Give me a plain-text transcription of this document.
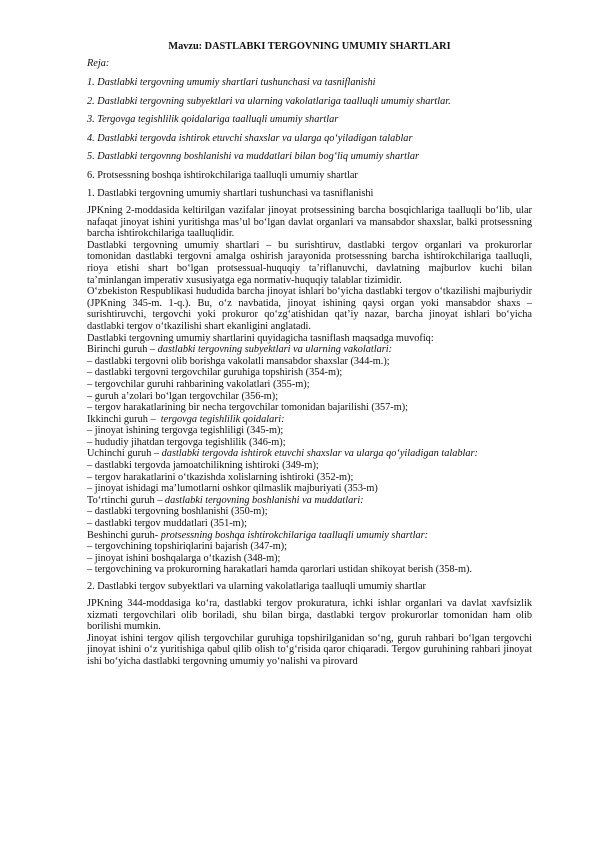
Mavzu: DASTLABKI TERGOVNING UMUMIY SHARTLARI
Reja:
1. Dastlabki tergovning umumiy shartlari tushunchasi va tasniflanishi
2. Dastlabki tergovning subyektlari va ularning vakolatlariga taalluqli umumiy shartlar.
3. Tergovga tegishlilik qoidalariga taalluqli umumiy shartlar
4. Dastlabki tergovda ishtirok etuvchi shaxslar va ularga qo‘yiladigan talablar
5. Dastlabki tergovnng boshlanishi va muddatlari bilan bog‘liq umumiy shartlar
6. Protsessning boshqa ishtirokchilariga taalluqli umumiy shartlar
1. Dastlabki tergovning umumiy shartlari tushunchasi va tasniflanishi

JPKning 2-moddasida keltirilgan vazifalar jinoyat protsessining barcha bosqichlariga taalluqli bo‘lib, ular nafaqat jinoyat ishini yuritishga mas’ul bo‘lgan davlat organlari va mansabdor shaxslar, balki protsessning barcha ishtirokchilariga taalluqlidir.

Dastlabki tergovning umumiy shartlari – bu surishtiruv, dastlabki tergov organlari va prokurorlar tomonidan dastlabki tergovni amalga oshirish jarayonida protsessning barcha ishtirokchilariga taalluqli, rioya etishi shart bo‘lgan protsessual-huquqiy ta’riflanuvchi, davlatning majburlov kuchi bilan ta’minlangan imperativ xususiyatga ega normativ-huquqiy talablar tizimidir.

O‘zbekiston Respublikasi hududida barcha jinoyat ishlari bo‘yicha dastlabki tergov o‘tkazilishi majburiydir (JPKning 345-m. 1-q.). Bu, o‘z navbatida, jinoyat ishining qaysi organ yoki mansabdor shaxs – surishtiruvchi, tergovchi yoki prokuror qo‘zg‘atishidan qat’iy nazar, barcha jinoyat ishlari bo‘yicha dastlabki tergov o‘tkazilishi shart ekanligini anglatadi.

Dastlabki tergovning umumiy shartlarini quyidagicha tasniflash maqsadga muvofiq:

Birinchi guruh – dastlabki tergovning subyektlari va ularning vakolatlari:

– dastlabki tergovni olib borishga vakolatli mansabdor shaxslar (344-m.);

– dastlabki tergovni tergovchilar guruhiga topshirish (354-m);

– tergovchilar guruhi rahbarining vakolatlari (355-m);

– guruh a’zolari bo‘lgan tergovchilar (356-m);

– tergov harakatlarining bir necha tergovchilar tomonidan bajarilishi (357-m);

Ikkinchi guruh –  tergovga tegishlilik qoidalari:

– jinoyat ishining tergovga tegishliligi (345-m);

– hududiy jihatdan tergovga tegishlilik (346-m);

Uchinchi guruh – dastlabki tergovda ishtirok etuvchi shaxslar va ularga qo‘yiladigan talablar:

– dastlabki tergovda jamoatchilikning ishtiroki (349-m);

– tergov harakatlarini o‘tkazishda xolislarning ishtiroki (352-m);

– jinoyat ishidagi ma’lumotlarni oshkor qilmaslik majburiyati (353-m)

To‘rtinchi guruh – dastlabki tergovning boshlanishi va muddatlari:

– dastlabki tergovning boshlanishi (350-m);

– dastlabki tergov muddatlari (351-m);

Beshinchi guruh- protsessning boshqa ishtirokchilariga taalluqli umumiy shartlar:

– tergovchining topshiriqlarini bajarish (347-m);

– jinoyat ishini boshqalarga o‘tkazish (348-m);

– tergovchining va prokurorning harakatlari hamda qarorlari ustidan shikoyat berish (358-m).

2. Dastlabki tergov subyektlari va ularning vakolatlariga taalluqli umumiy shartlar

JPKning 344-moddasiga ko‘ra, dastlabki tergov prokuratura, ichki ishlar organlari va davlat xavfsizlik xizmati tergovchilari olib boriladi, shu bilan birga, dastlabki tergov prokurorlar tomonidan ham olib borilishi mumkin.

Jinoyat ishini tergov qilish tergovchilar guruhiga topshirilganidan so‘ng, guruh rahbari bo‘lgan tergovchi jinoyat ishini o‘z yuritishiga qabul qilib olish to‘g‘risida qaror chiqaradi. Tergov guruhining rahbari jinoyat ishi bo‘yicha dastlabki tergovning umumiy yo‘nalishi va pirovard
